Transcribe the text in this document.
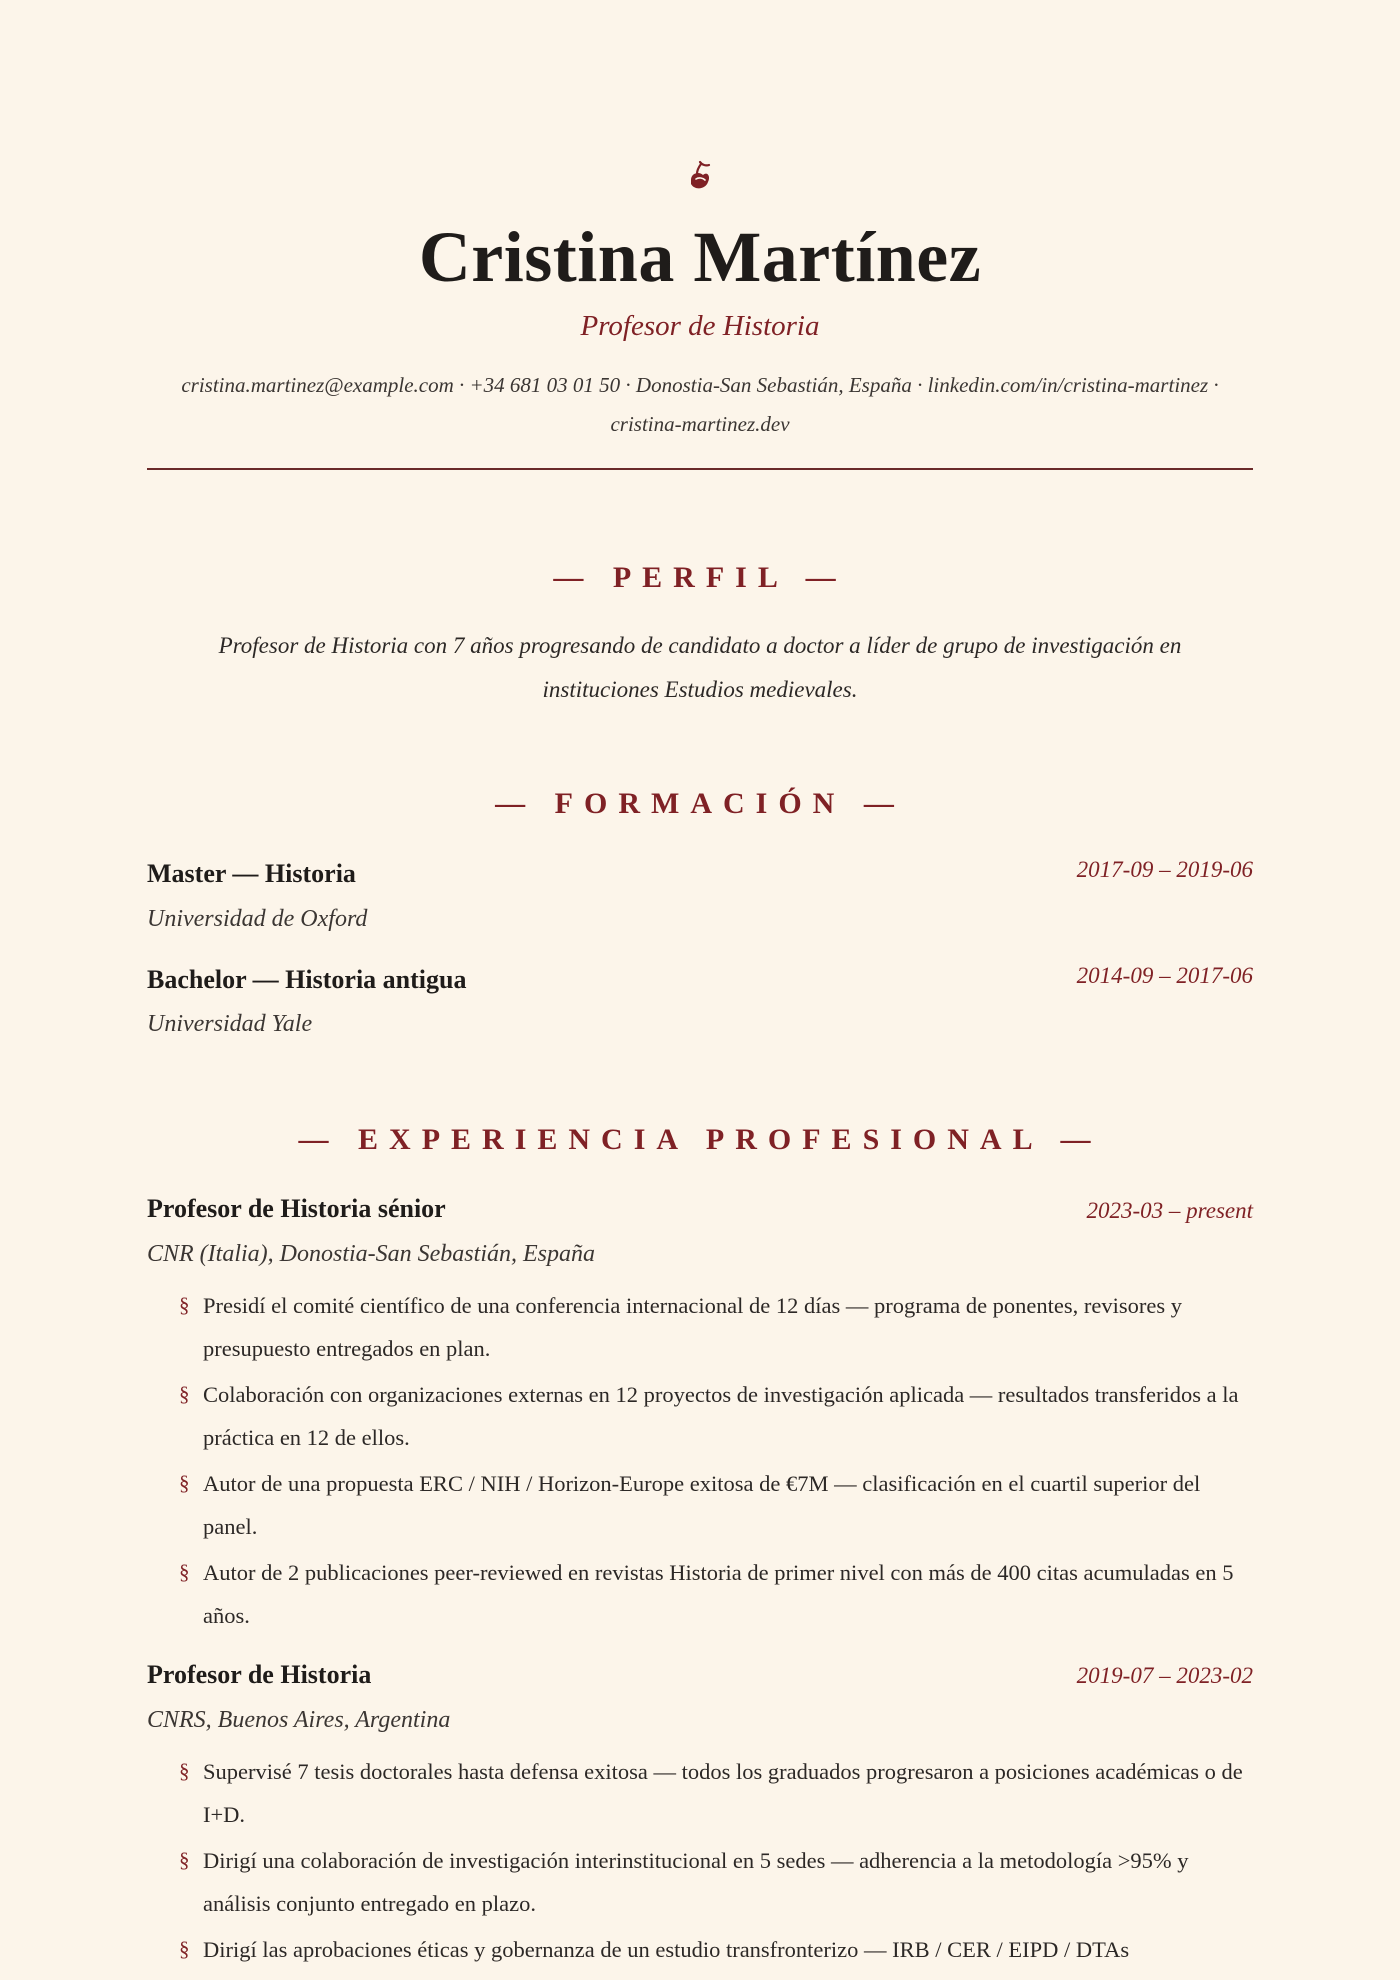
Cristina Martínez
Profesor de Historia
cristina.martinez@example.com · +34 681 03 01 50 · Donostia-San Sebastián, España · linkedin.com/in/cristina-martinez ·
cristina-martinez.dev
— PERFIL —
Profesor de Historia con 7 años progresando de candidato a doctor a líder de grupo de investigación en instituciones Estudios medievales.
— FORMACIÓN —
Master — Historia	2017-09 – 2019-06
Universidad de Oxford
Bachelor — Historia antigua	2014-09 – 2017-06
Universidad Yale
— EXPERIENCIA PROFESIONAL —
Profesor de Historia sénior	2023-03 – present
CNR (Italia), Donostia-San Sebastián, España
§ Presidí el comité científico de una conferencia internacional de 12 días — programa de ponentes, revisores y presupuesto entregados en plan.
§ Colaboración con organizaciones externas en 12 proyectos de investigación aplicada — resultados transferidos a la práctica en 12 de ellos.
§ Autor de una propuesta ERC / NIH / Horizon-Europe exitosa de €7M — clasificación en el cuartil superior del panel.
§ Autor de 2 publicaciones peer-reviewed en revistas Historia de primer nivel con más de 400 citas acumuladas en 5 años.
Profesor de Historia	2019-07 – 2023-02
CNRS, Buenos Aires, Argentina
§ Supervisé 7 tesis doctorales hasta defensa exitosa — todos los graduados progresaron a posiciones académicas o de I+D.
§ Dirigí una colaboración de investigación interinstitucional en 5 sedes — adherencia a la metodología >95% y análisis conjunto entregado en plazo.
§ Dirigí las aprobaciones éticas y gobernanza de un estudio transfronterizo — IRB / CER / EIPD / DTAs
